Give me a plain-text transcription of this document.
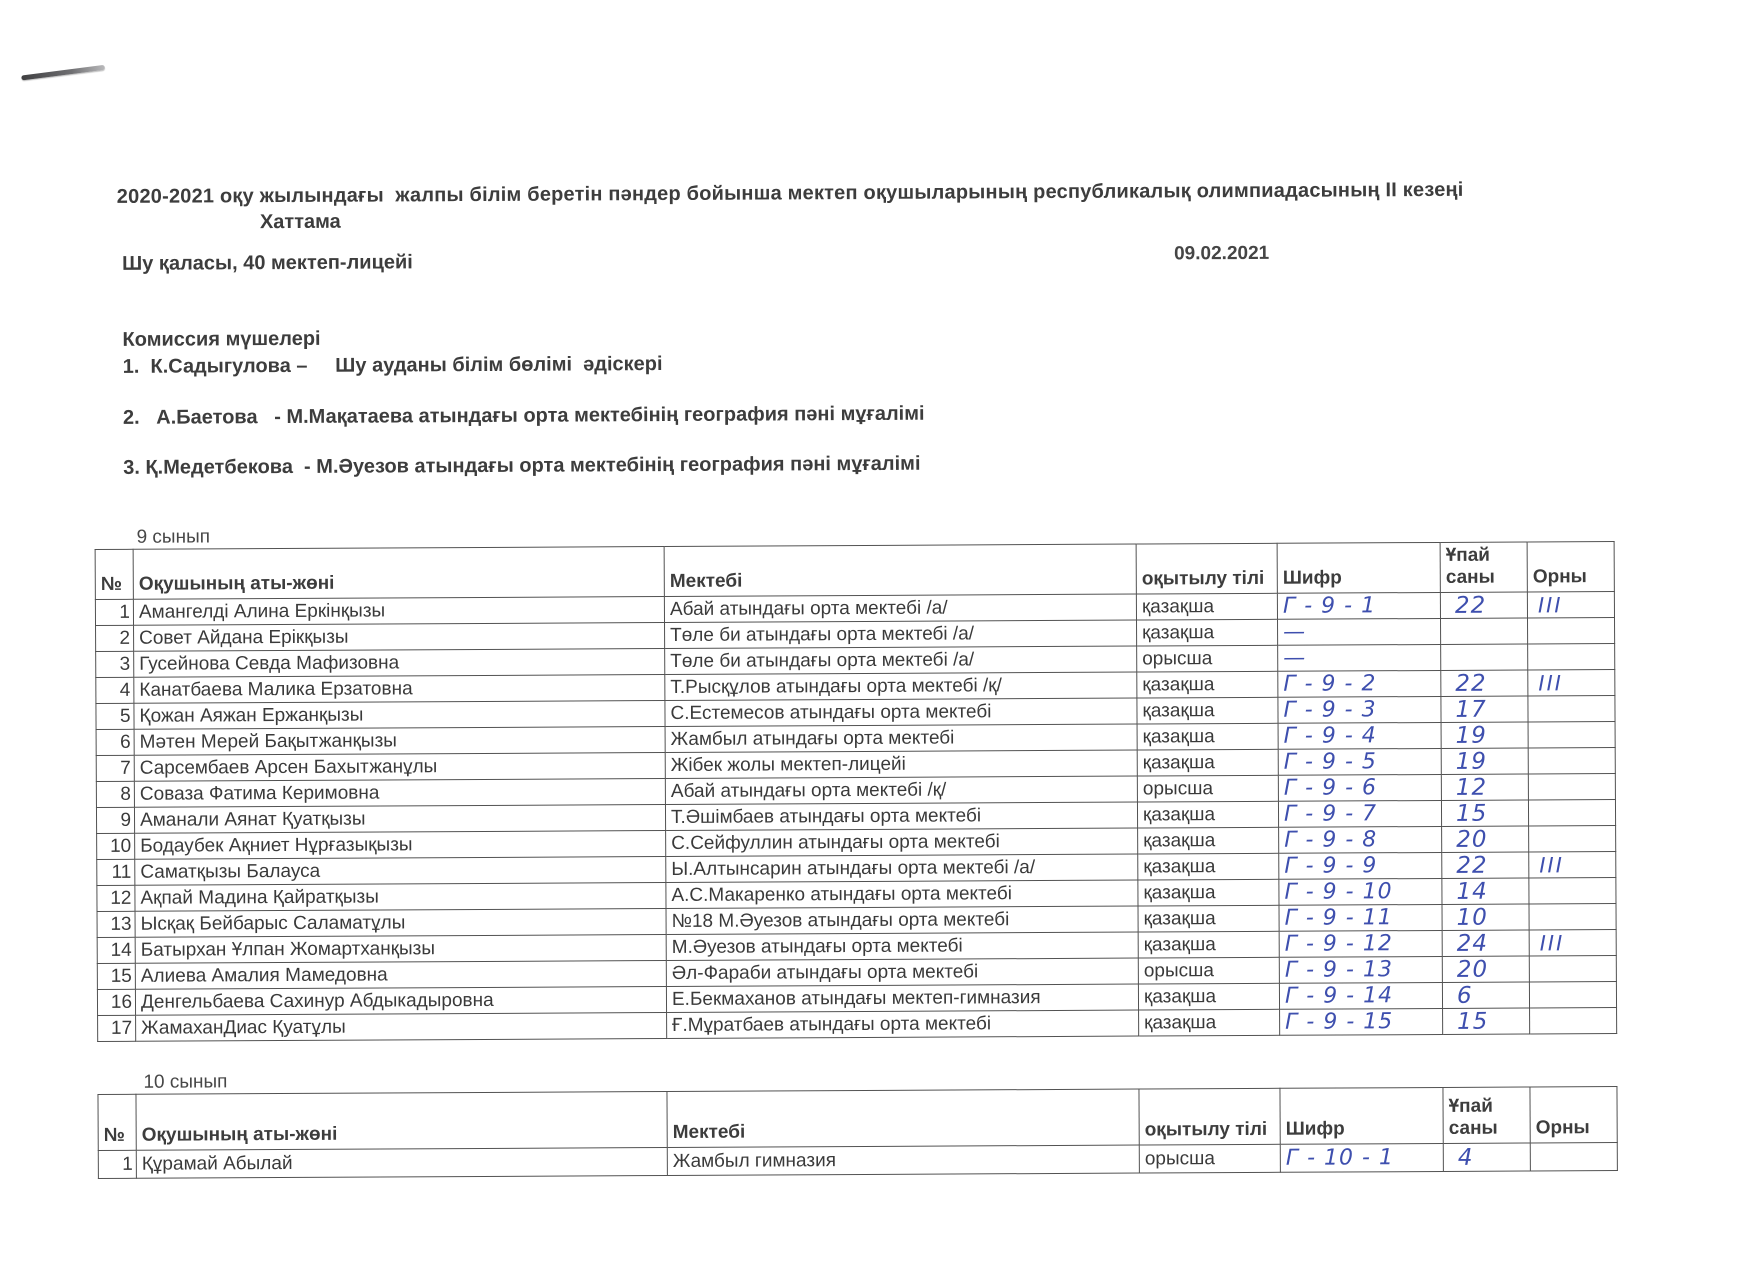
2020-2021 оқу жылындағы  жалпы білім беретін пәндер бойынша мектеп оқушыларының республикалық олимпиадасының II кезеңі
Хаттама
Шу қаласы, 40 мектеп-лицейі	09.02.2021
Комиссия мүшелері
1.  К.Садыгулова –     Шу ауданы білім бөлімі  әдіскері
2.   А.Баетова   - М.Мақатаева атындағы орта мектебінің география пәні мұғалімі
3. Қ.Медетбекова  - М.Әуезов атындағы орта мектебінің география пәні мұғалімі
9 сынып
№	Оқушының аты-жөні	Мектебі	оқытылу тілі	Шифр	Ұпай саны	Орны
1	Амангелді Алина Еркінқызы	Абай атындағы орта мектебі /а/	қазақша	Г - 9 - 1	22	III
2	Совет Айдана Ерікқызы	Төле би атындағы орта мектебі /а/	қазақша	—		
3	Гусейнова Севда Мафизовна	Төле би атындағы орта мектебі /а/	орысша	—		
4	Канатбаева Малика Ерзатовна	Т.Рысқұлов атындағы орта мектебі /қ/	қазақша	Г - 9 - 2	22	III
5	Қожан Аяжан Ержанқызы	С.Естемесов атындағы орта мектебі	қазақша	Г - 9 - 3	17	
6	Мәтен Мерей Бақытжанқызы	Жамбыл атындағы орта мектебі	қазақша	Г - 9 - 4	19	
7	Сарсембаев Арсен Бахытжанұлы	Жібек жолы мектеп-лицейі	қазақша	Г - 9 - 5	19	
8	Соваза Фатима Керимовна	Абай атындағы орта мектебі /қ/	орысша	Г - 9 - 6	12	
9	Аманали Аянат Қуатқызы	Т.Әшімбаев атындағы орта мектебі	қазақша	Г - 9 - 7	15	
10	Бодаубек Ақниет Нұрғазықызы	С.Сейфуллин атындағы орта мектебі	қазақша	Г - 9 - 8	20	
11	Саматқызы Балауса	Ы.Алтынсарин атындағы орта мектебі /а/	қазақша	Г - 9 - 9	22	III
12	Ақпай Мадина Қайратқызы	А.С.Макаренко атындағы орта мектебі	қазақша	Г - 9 - 10	14	
13	Ысқақ Бейбарыс Саламатұлы	№18 М.Әуезов атындағы орта мектебі	қазақша	Г - 9 - 11	10	
14	Батырхан Ұлпан Жомартханқызы	М.Әуезов атындағы орта мектебі	қазақша	Г - 9 - 12	24	III
15	Алиева Амалия Мамедовна	Әл-Фараби атындағы орта мектебі	орысша	Г - 9 - 13	20	
16	Денгельбаева Сахинур Абдыкадыровна	Е.Бекмаханов атындағы мектеп-гимназия	қазақша	Г - 9 - 14	6	
17	ЖамаханДиас Қуатұлы	Ғ.Мұратбаев атындағы орта мектебі	қазақша	Г - 9 - 15	15	
10 сынып
№	Оқушының аты-жөні	Мектебі	оқытылу тілі	Шифр	Ұпай саны	Орны
1	Құрамай Абылай	Жамбыл гимназия	орысша	Г - 10 - 1	4	
